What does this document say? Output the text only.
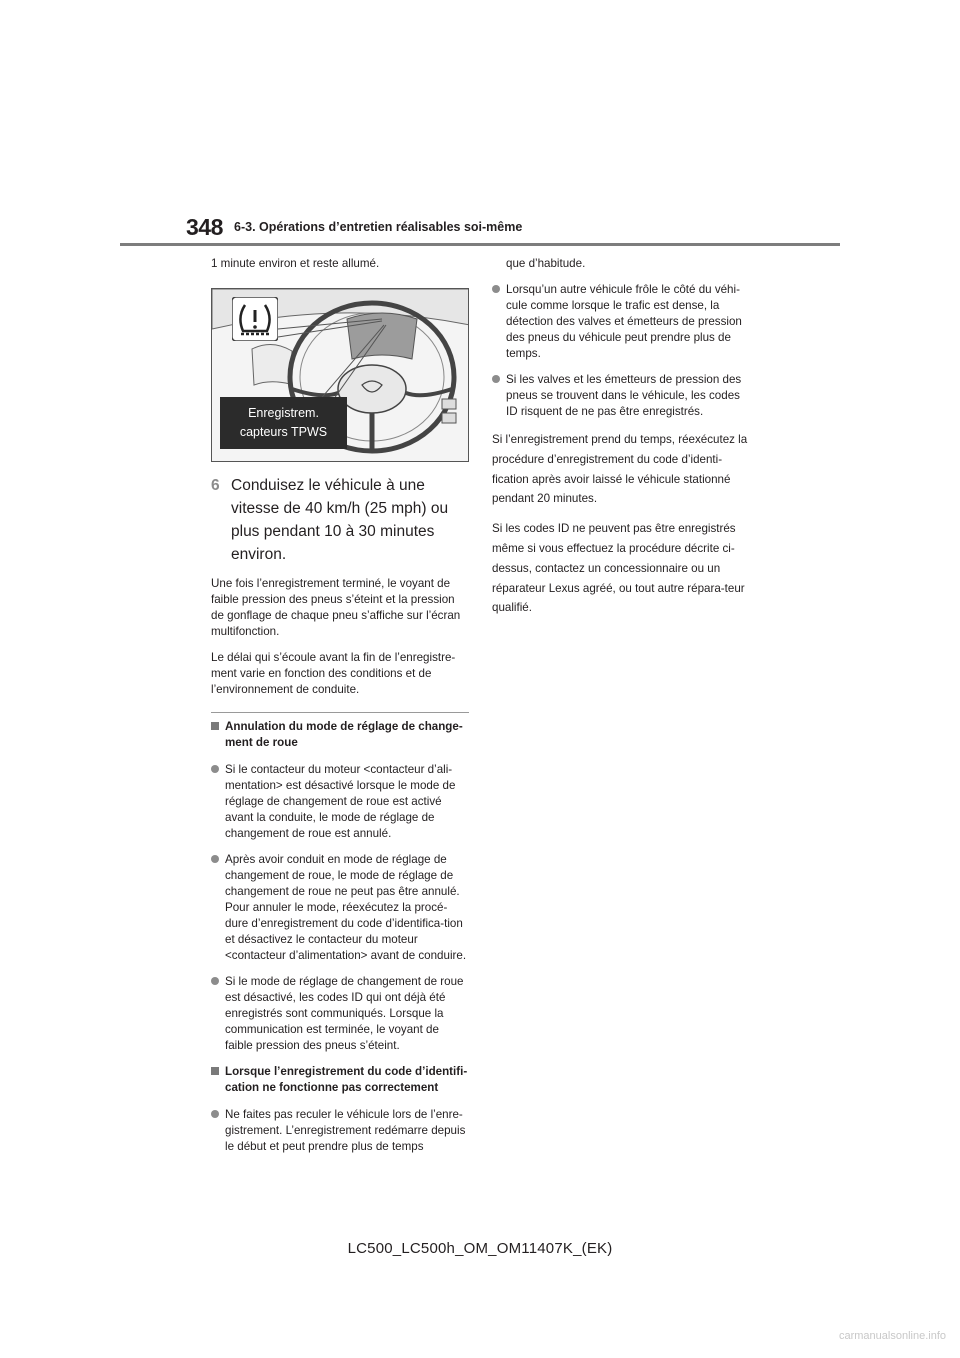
348 6-3. Opérations d’entretien réalisables soi-même

1 minute environ et reste allumé.

6 Conduisez le véhicule à une vitesse de 40 km/h (25 mph) ou plus pendant 10 à 30 minutes environ.

Une fois l’enregistrement terminé, le voyant de faible pression des pneus s’éteint et la pression de gonflage de chaque pneu s’affiche sur l’écran multifonction.

Le délai qui s’écoule avant la fin de l’enregistre-ment varie en fonction des conditions et de l’environnement de conduite.

Annulation du mode de réglage de change-ment de roue
Si le contacteur du moteur <contacteur d’ali-mentation> est désactivé lorsque le mode de réglage de changement de roue est activé avant la conduite, le mode de réglage de changement de roue est annulé.
Après avoir conduit en mode de réglage de changement de roue, le mode de réglage de changement de roue ne peut pas être annulé. Pour annuler le mode, réexécutez la procé-dure d’enregistrement du code d’identifica-tion et désactivez le contacteur du moteur <contacteur d’alimentation> avant de conduire.
Si le mode de réglage de changement de roue est désactivé, les codes ID qui ont déjà été enregistrés sont communiqués. Lorsque la communication est terminée, le voyant de faible pression des pneus s’éteint.
Lorsque l’enregistrement du code d’identifi-cation ne fonctionne pas correctement
Ne faites pas reculer le véhicule lors de l’enre-gistrement. L’enregistrement redémarre depuis le début et peut prendre plus de temps
Enregistrem.
capteurs TPWS

que d’habitude.

Lorsqu’un autre véhicule frôle le côté du véhi-cule comme lorsque le trafic est dense, la détection des valves et émetteurs de pression des pneus du véhicule peut prendre plus de temps.
Si les valves et les émetteurs de pression des pneus se trouvent dans le véhicule, les codes ID risquent de ne pas être enregistrés.

Si l’enregistrement prend du temps, réexécutez la procédure d’enregistrement du code d’identi-fication après avoir laissé le véhicule stationné pendant 20 minutes.

Si les codes ID ne peuvent pas être enregistrés même si vous effectuez la procédure décrite ci-dessus, contactez un concessionnaire ou un réparateur Lexus agréé, ou tout autre répara-teur qualifié.

LC500_LC500h_OM_OM11407K_(EK)
carmanualsonline.info
